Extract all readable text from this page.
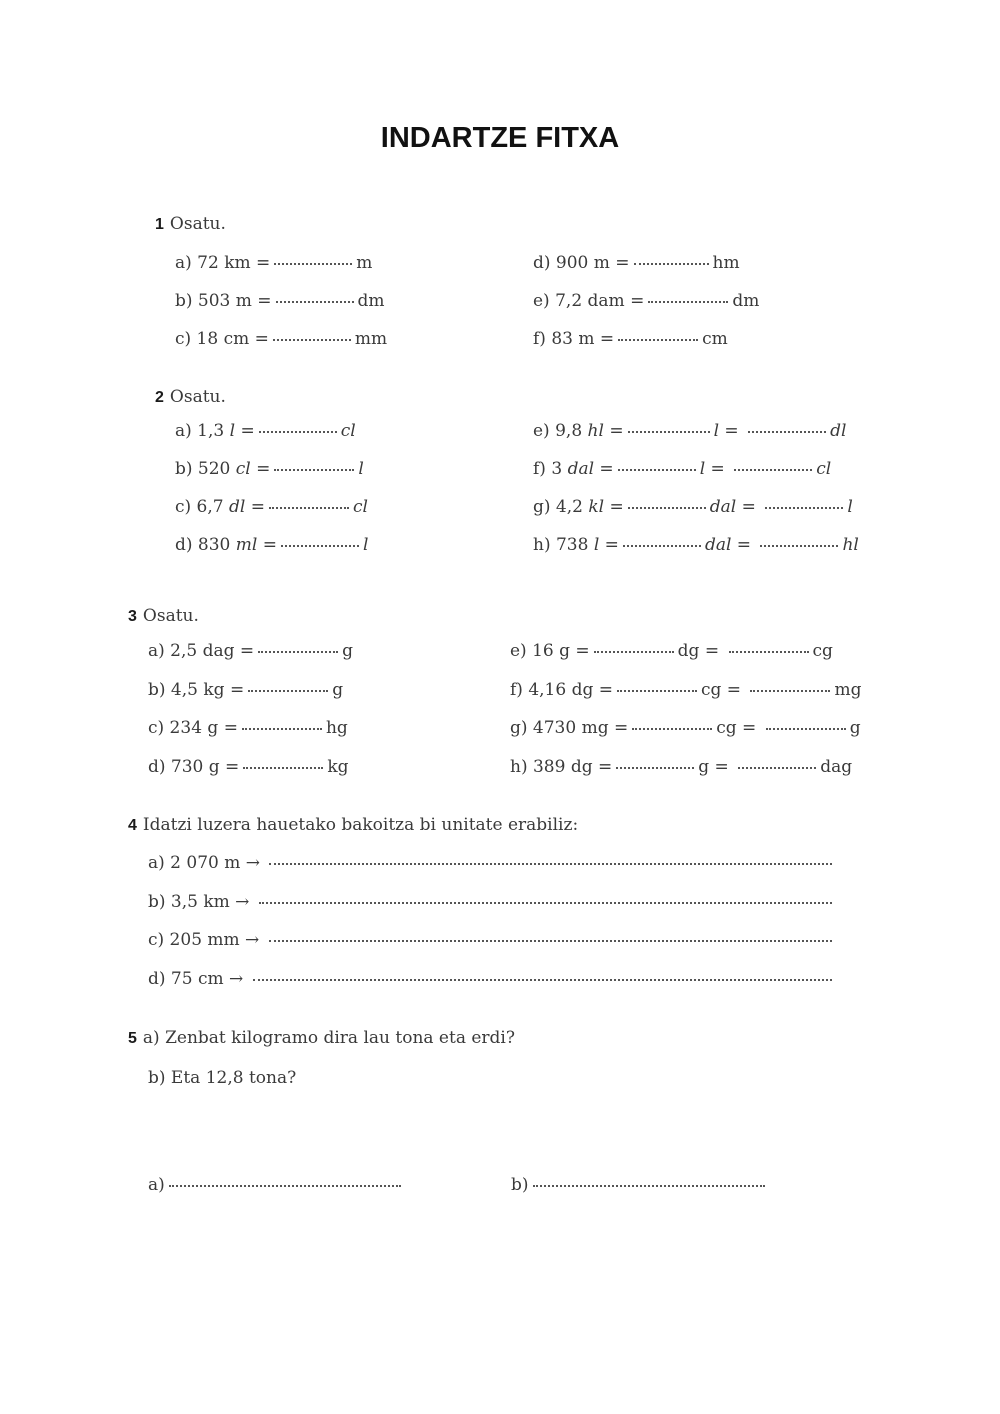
INDARTZE FITXA
1 Osatu.
a) 72 km =	m
b) 503 m =	dm
c) 18 cm =	mm
d) 900 m =	hm
e) 7,2 dam =	dm
f) 83 m =	cm
2 Osatu.
a) 1,3
l =	cl
b) 520
cl =	l
c) 6,7
dl =	cl
d) 830
ml =	l
e) 9,8
hl =	l =	dl
f) 3
dal =	l =	cl
g) 4,2
kl =	dal =	l
h) 738
l =	dal =	hl
3 Osatu.
a) 2,5 dag =	g
b) 4,5 kg =	g
c) 234 g =	hg
d) 730 g =	kg
e) 16 g =	dg =	cg
f) 4,16 dg =	cg =	mg
g) 4730 mg =	cg =	g
h) 389 dg =	g =	dag
4 Idatzi luzera hauetako bakoitza bi unitate erabiliz:
a) 2 070 m →

b) 3,5 km →

c) 205 mm →

d) 75 cm →

5 a) Zenbat kilogramo dira lau tona eta erdi?
b) Eta 12,8 tona?
a)	b)
